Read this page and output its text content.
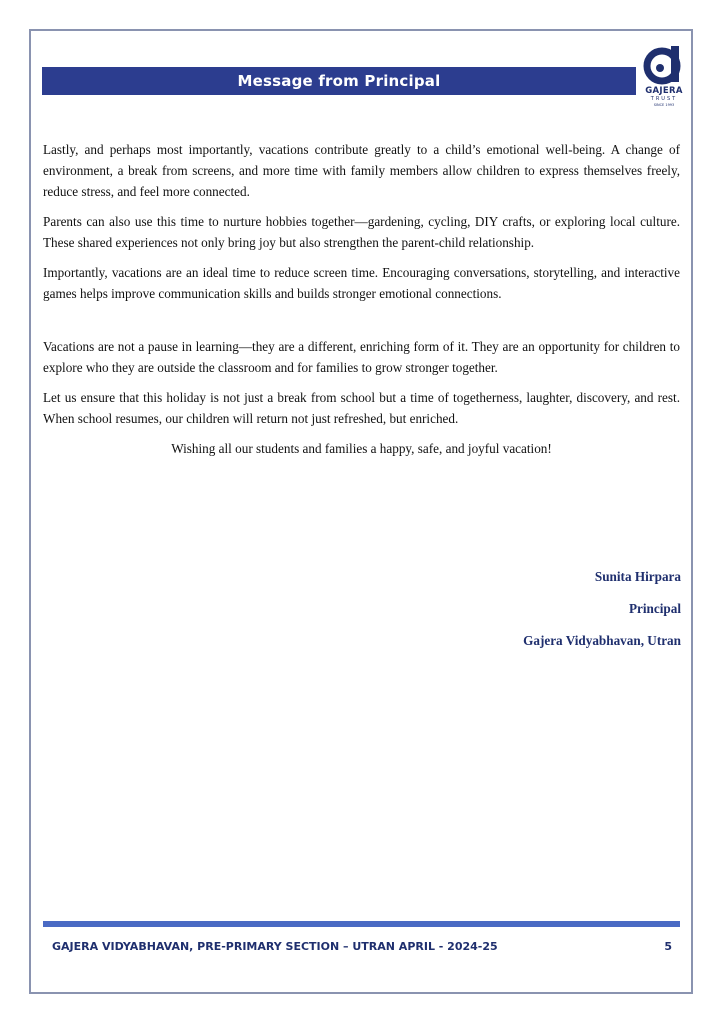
Message from Principal
GAJERA
TRUST
SINCE 1993

Lastly, and perhaps most importantly, vacations contribute greatly to a child’s emotional well-being. A change of environment, a break from screens, and more time with family members allow children to express themselves freely, reduce stress, and feel more connected.

Parents can also use this time to nurture hobbies together—gardening, cycling, DIY crafts, or exploring local culture. These shared experiences not only bring joy but also strengthen the parent-child relationship.

Importantly, vacations are an ideal time to reduce screen time. Encouraging conversations, storytelling, and interactive games helps improve communication skills and builds stronger emotional connections.

Vacations are not a pause in learning—they are a different, enriching form of it. They are an opportunity for children to explore who they are outside the classroom and for families to grow stronger together.

Let us ensure that this holiday is not just a break from school but a time of togetherness, laughter, discovery, and rest. When school resumes, our children will return not just refreshed, but enriched.

Wishing all our students and families a happy, safe, and joyful vacation!

Sunita Hirpara
Principal
Gajera Vidyabhavan, Utran
GAJERA VIDYABHAVAN, PRE-PRIMARY SECTION – UTRAN APRIL - 2024-25	5
